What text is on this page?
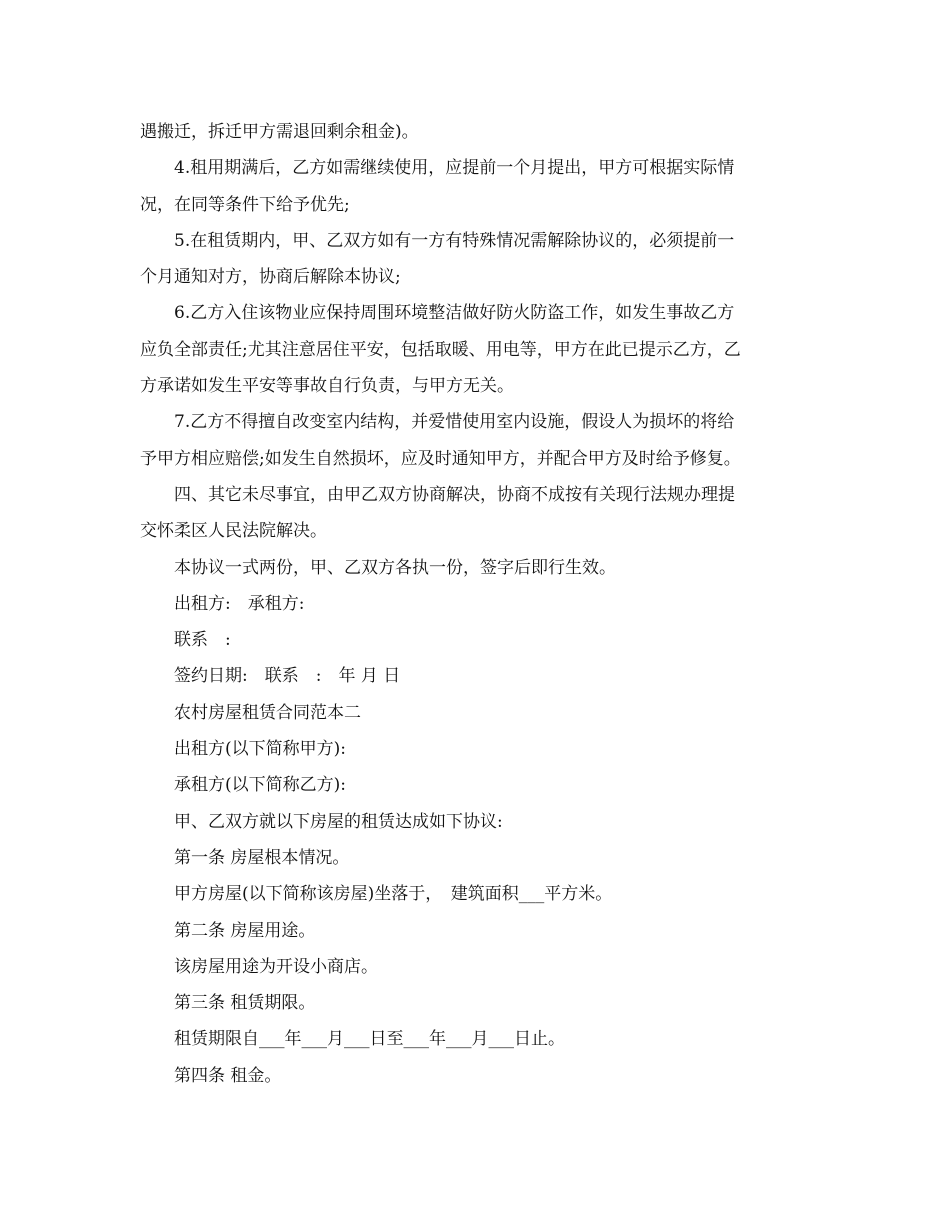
遇搬迁，拆迁甲方需退回剩余租金)。
4.租用期满后，乙方如需继续使用，应提前一个月提出，甲方可根据实际情
况，在同等条件下给予优先;
5.在租赁期内，甲、乙双方如有一方有特殊情况需解除协议的，必须提前一
个月通知对方，协商后解除本协议;
6.乙方入住该物业应保持周围环境整洁做好防火防盗工作，如发生事故乙方
应负全部责任;尤其注意居住平安，包括取暖、用电等，甲方在此已提示乙方，乙
方承诺如发生平安等事故自行负责，与甲方无关。
7.乙方不得擅自改变室内结构，并爱惜使用室内设施，假设人为损坏的将给
予甲方相应赔偿;如发生自然损坏，应及时通知甲方，并配合甲方及时给予修复。
四、其它未尽事宜，由甲乙双方协商解决，协商不成按有关现行法规办理提
交怀柔区人民法院解决。
本协议一式两份，甲、乙双方各执一份，签字后即行生效。
出租方:　承租方:
联系　:
签约日期:　联系　:　年 月 日
农村房屋租赁合同范本二
出租方(以下简称甲方):
承租方(以下简称乙方):
甲、乙双方就以下房屋的租赁达成如下协议:
第一条 房屋根本情况。
甲方房屋(以下简称该房屋)坐落于，　建筑面积___平方米。
第二条 房屋用途。
该房屋用途为开设小商店。
第三条 租赁期限。
租赁期限自___年___月___日至___年___月___日止。
第四条 租金。
